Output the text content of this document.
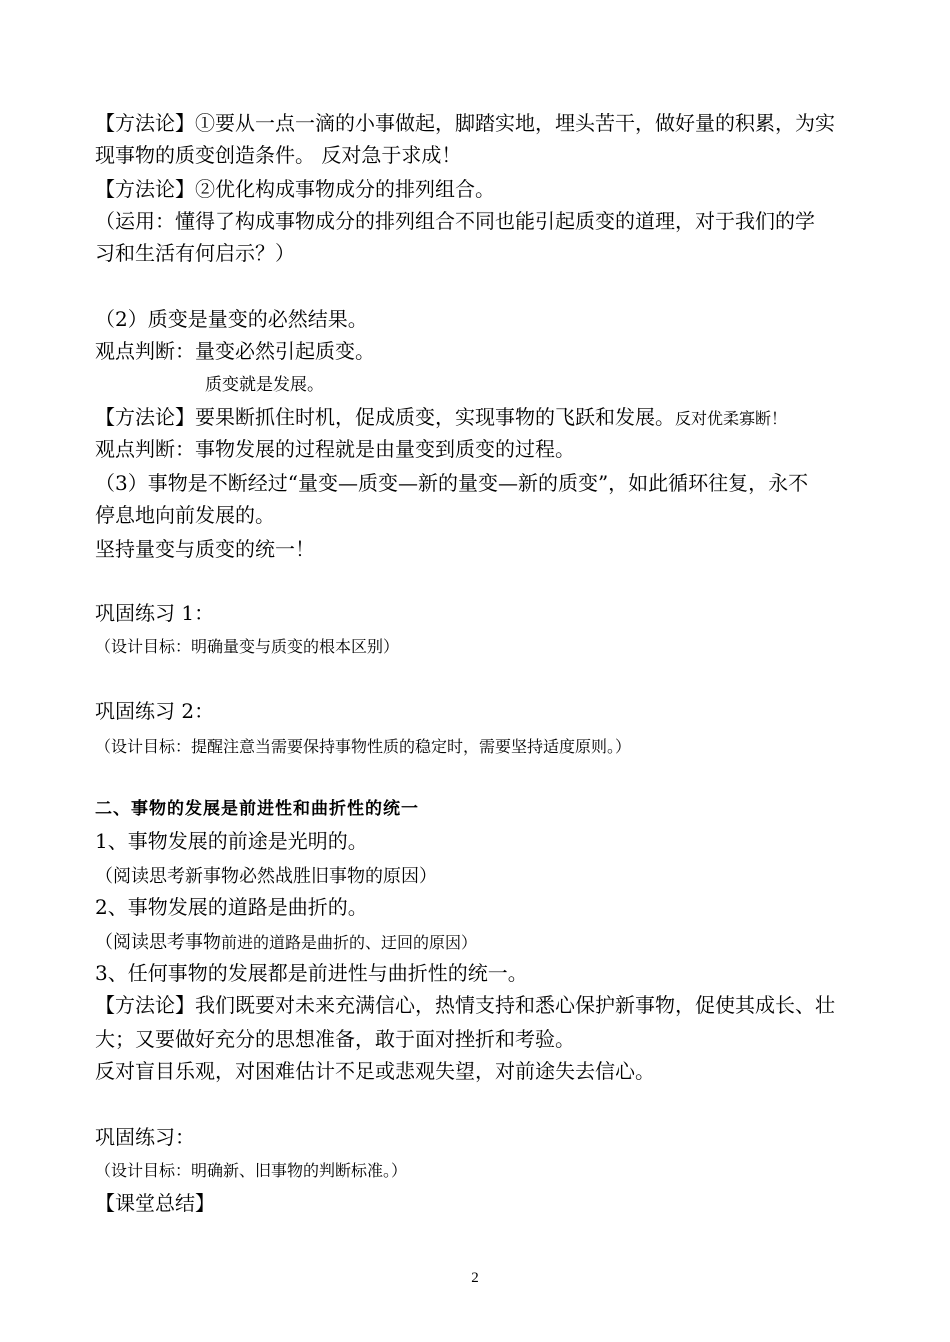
【方法论】①要从一点一滴的小事做起，脚踏实地，埋头苦干，做好量的积累，为实
现事物的质变创造条件。 反对急于求成！
【方法论】②优化构成事物成分的排列组合。
（运用：懂得了构成事物成分的排列组合不同也能引起质变的道理，对于我们的学
习和生活有何启示？）
（2）质变是量变的必然结果。
观点判断：量变必然引起质变。
质变就是发展。
【方法论】要果断抓住时机，促成质变，实现事物的飞跃和发展。反对优柔寡断！
观点判断：事物发展的过程就是由量变到质变的过程。
（3）事物是不断经过“量变—质变—新的量变—新的质变”，如此循环往复，永不
停息地向前发展的。
坚持量变与质变的统一！
巩固练习 1：
（设计目标：明确量变与质变的根本区别）
巩固练习 2：
（设计目标：提醒注意当需要保持事物性质的稳定时，需要坚持适度原则。）
二、事物的发展是前进性和曲折性的统一
1、事物发展的前途是光明的。
（阅读思考新事物必然战胜旧事物的原因）
2、事物发展的道路是曲折的。
（阅读思考事物前进的道路是曲折的、迂回的原因）
3、任何事物的发展都是前进性与曲折性的统一。
【方法论】我们既要对未来充满信心，热情支持和悉心保护新事物，促使其成长、壮
大；又要做好充分的思想准备，敢于面对挫折和考验。
反对盲目乐观，对困难估计不足或悲观失望，对前途失去信心。
巩固练习：
（设计目标：明确新、旧事物的判断标准。）
【课堂总结】
2
